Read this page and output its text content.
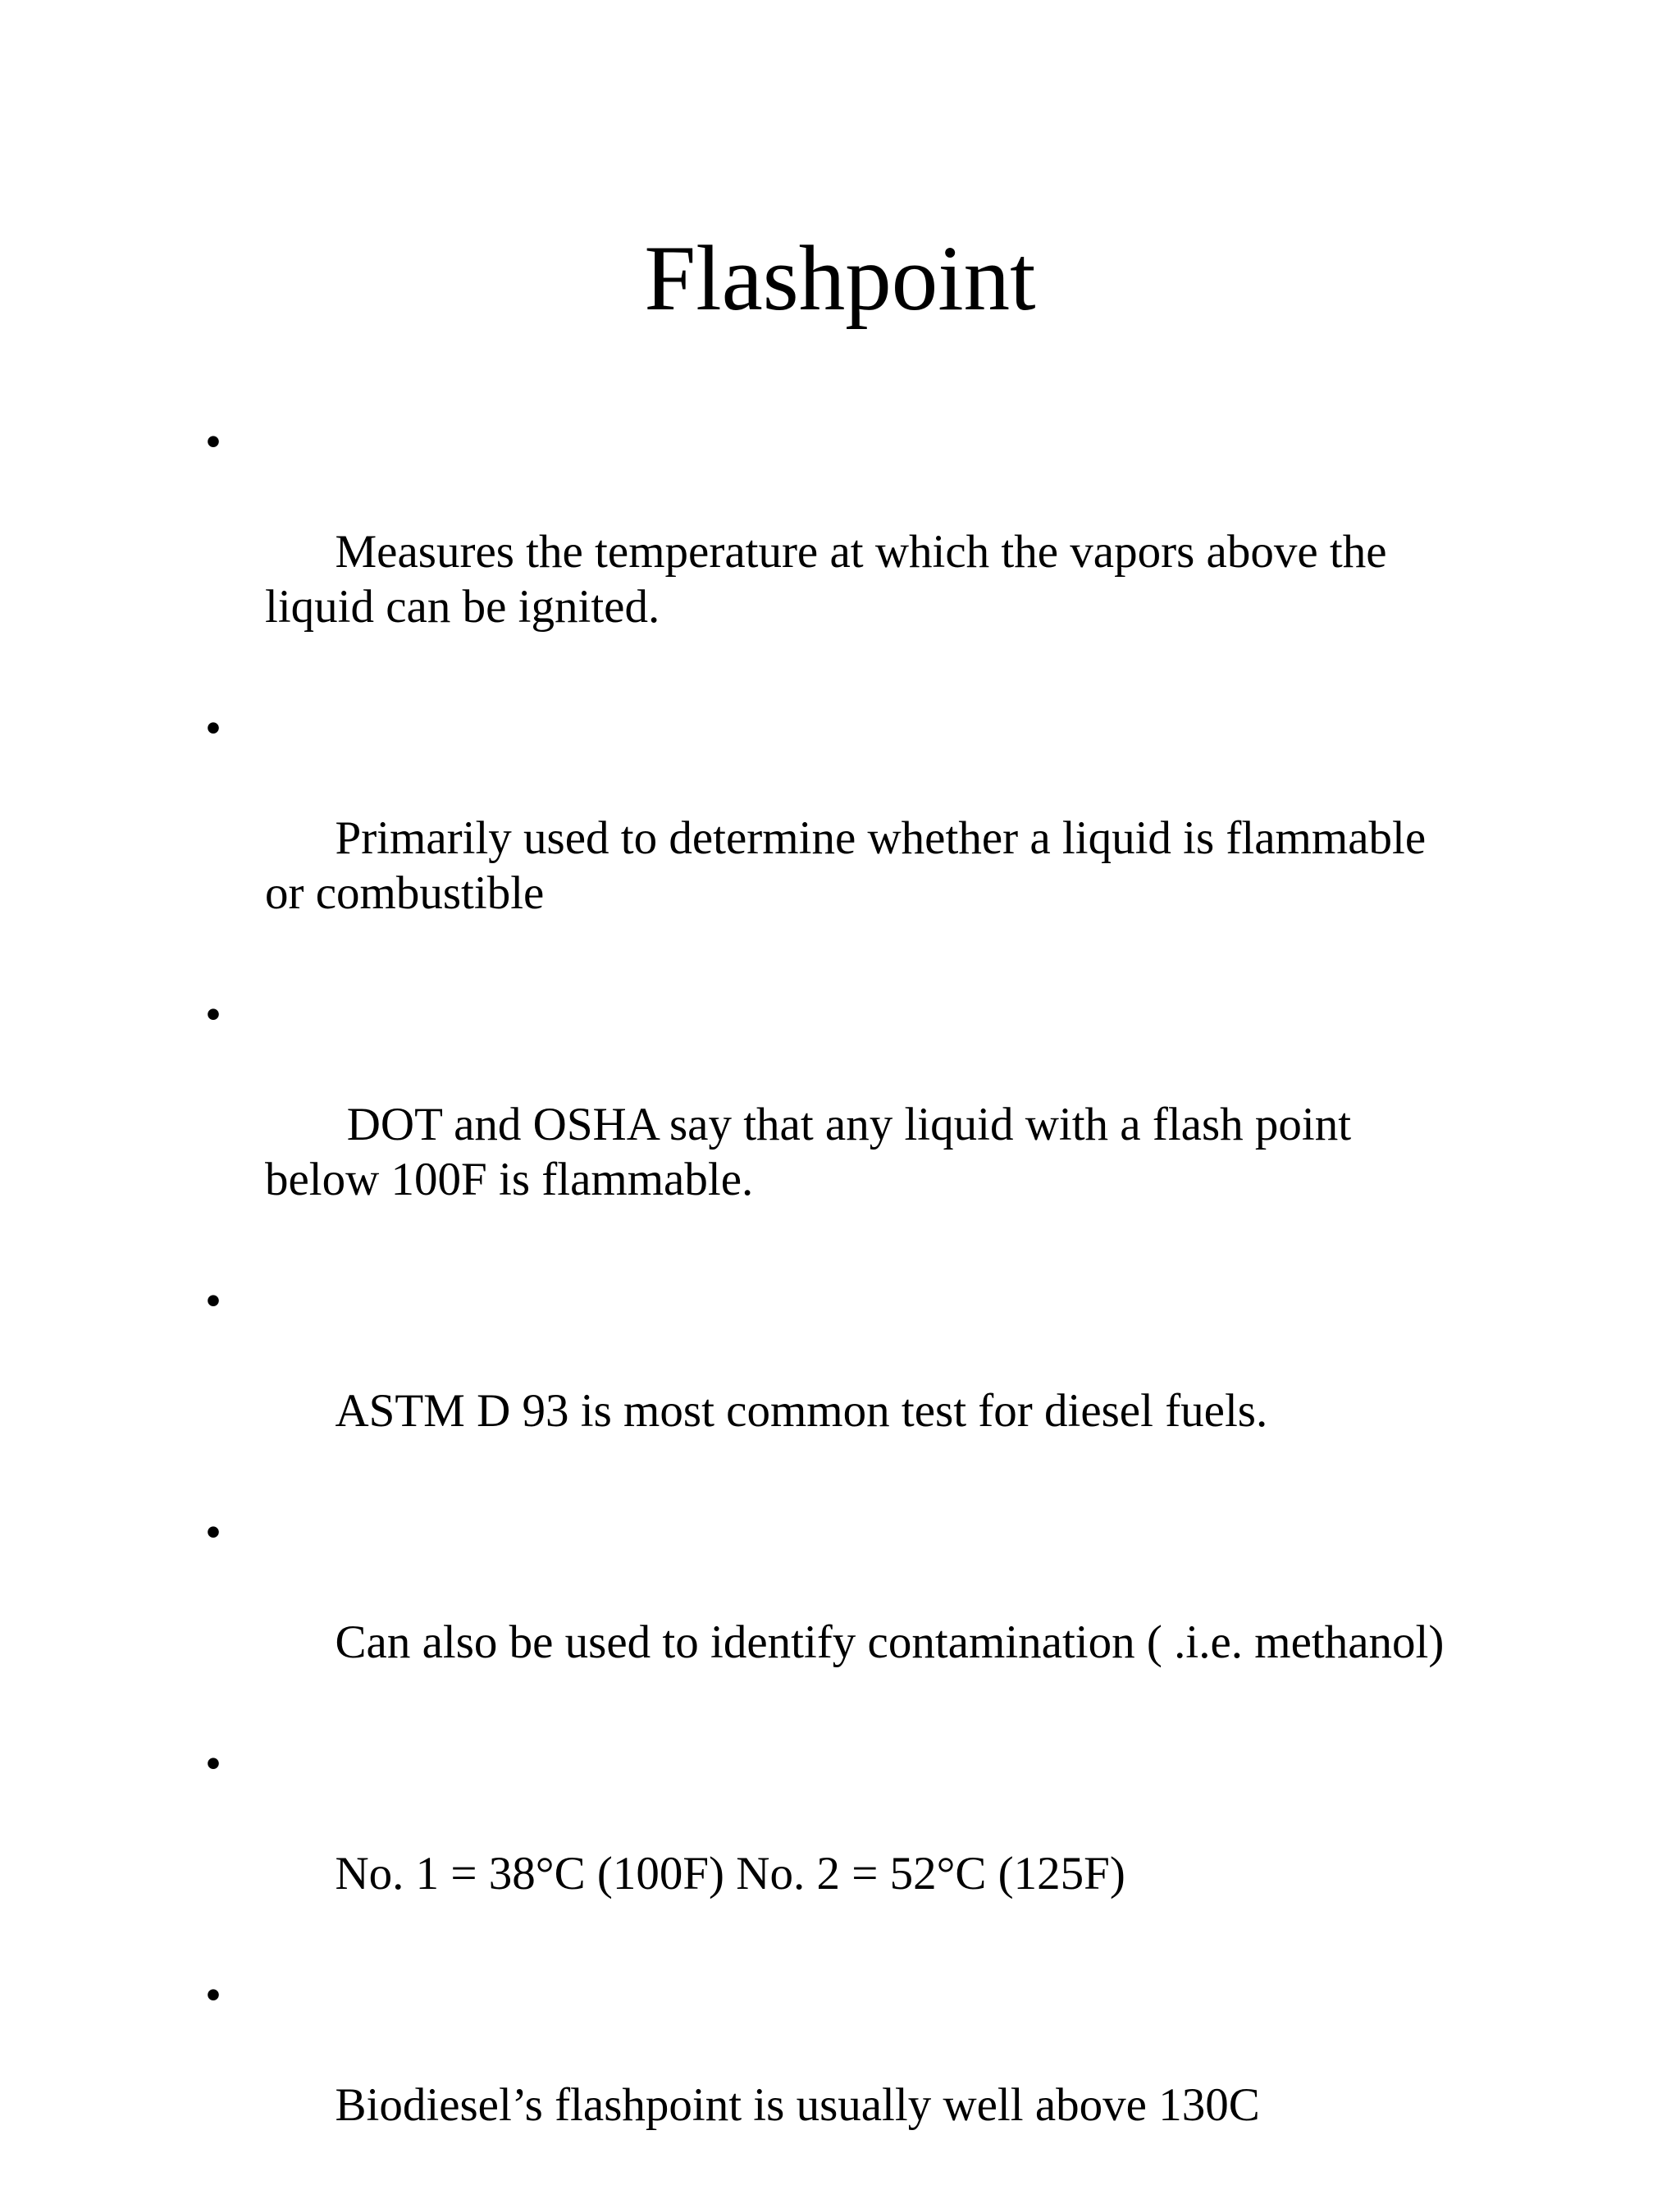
Flashpoint

•

Measures the temperature at which the vapors above the
liquid can be ignited.

•

Primarily used to determine whether a liquid is flammable
or combustible

•

DOT and OSHA say that any liquid with a flash point
below 100F is flammable.

•

ASTM D 93 is most common test for diesel fuels.

•

Can also be used to identify contamination ( .i.e. methanol)

•

No. 1 = 38°C (100F) No. 2 = 52°C (125F)

•

Biodiesel’s flashpoint is usually well above 130C
